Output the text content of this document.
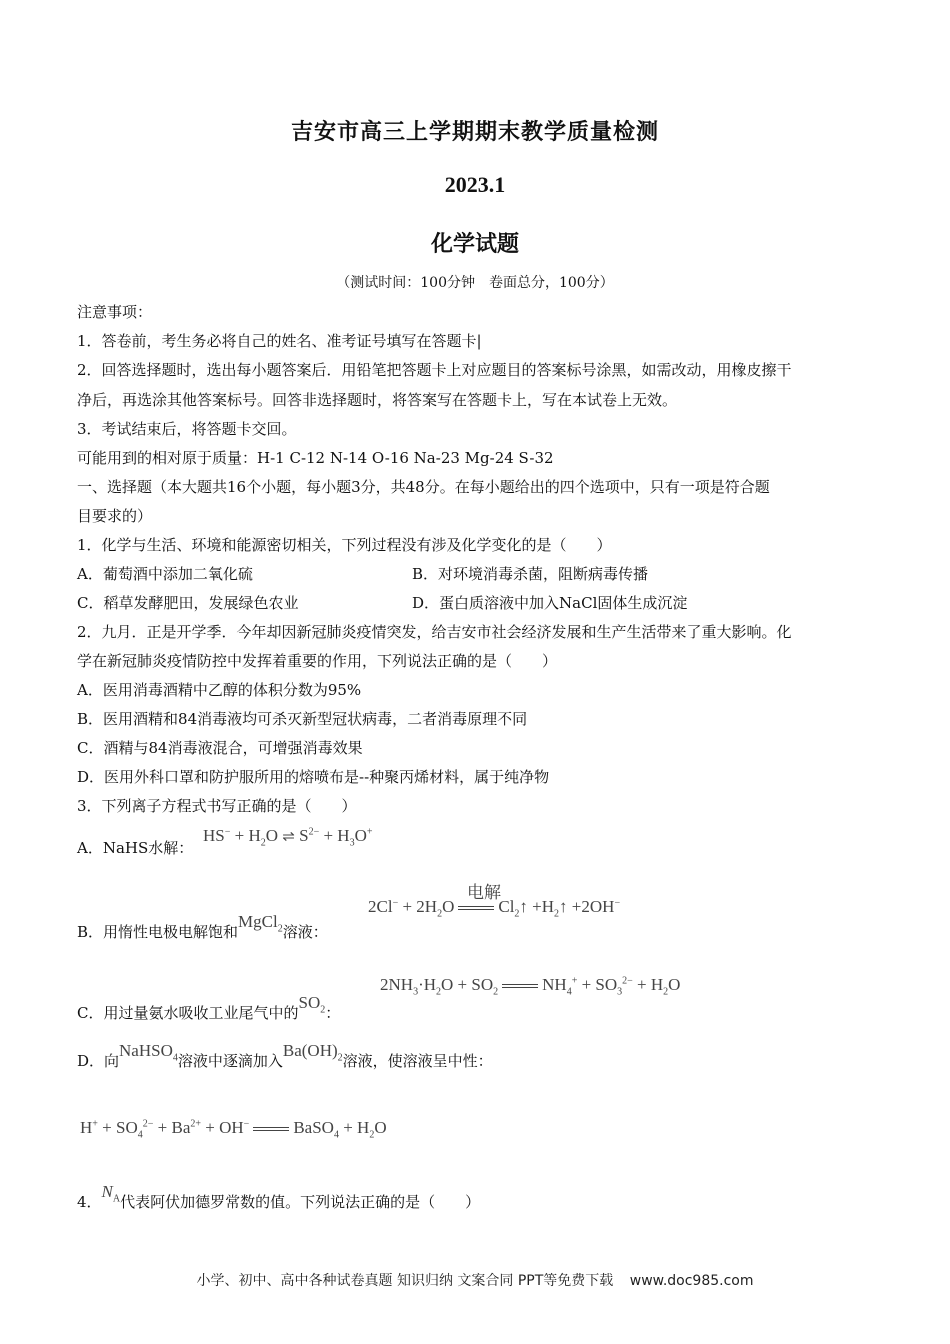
吉安市高三上学期期末教学质量检测
2023.1
化学试题
（测试时间：100分钟　卷面总分，100分）
注意事项：
1．答卷前，考生务必将自己的姓名、准考证号填写在答题卡|
2．回答选择题时，选出每小题答案后．用铅笔把答题卡上对应题目的答案标号涂黑，如需改动，用橡皮擦干
净后，再选涂其他答案标号。回答非选择题时，将答案写在答题卡上，写在本试卷上无效。
3．考试结束后，将答题卡交回。
可能用到的相对原于质量：H-1 C-12 N-14 O-16 Na-23 Mg-24 S-32
一、选择题（本大题共16个小题，每小题3分，共48分。在每小题给出的四个选项中，只有一项是符合题
目要求的）
1．化学与生活、环境和能源密切相关，下列过程没有涉及化学变化的是（　　）
A．葡萄酒中添加二氧化硫	B．对环境消毒杀菌，阻断病毒传播
C．稻草发酵肥田，发展绿色农业	D．蛋白质溶液中加入NaCl固体生成沉淀
2．九月．正是开学季．今年却因新冠肺炎疫情突发，给吉安市社会经济发展和生产生活带来了重大影响。化
学在新冠肺炎疫情防控中发挥着重要的作用，下列说法正确的是（　　）
A．医用消毒酒精中乙醇的体积分数为95%
B．医用酒精和84消毒液均可杀灭新型冠状病毒，二者消毒原理不同
C．酒精与84消毒液混合，可增强消毒效果
D．医用外科口罩和防护服所用的熔喷布是--种聚丙烯材料，属于纯净物
3．下列离子方程式书写正确的是（　　）
A．NaHS水解：
$HS^- + H_2O$ ⇌ $S^{2-} + H_3O^+$
电解
$2Cl^- + 2H_2O$	$Cl_2↑$ $+H_2↑ +2OH^-$
B．用惰性电极电解饱和MgCl$_2$溶液：
$2NH_3\cdot H_2O + SO_2$	$NH_4^+ + SO_3^{2-} + H_2O$
C．用过量氨水吸收工业尾气中的$SO_2$：
D．向NaHSO$_4$溶液中逐滴加入$Ba(OH)_2$溶液，使溶液呈中性：
$H^+ + SO_4^{2-} + Ba^{2+} + OH^-$	BaSO$_4$ + $H_2O$
4．$N_A$代表阿伏加德罗常数的值。下列说法正确的是（　　）
小学、初中、高中各种试卷真题 知识归纳 文案合同 PPT等免费下载 www.doc985.com
